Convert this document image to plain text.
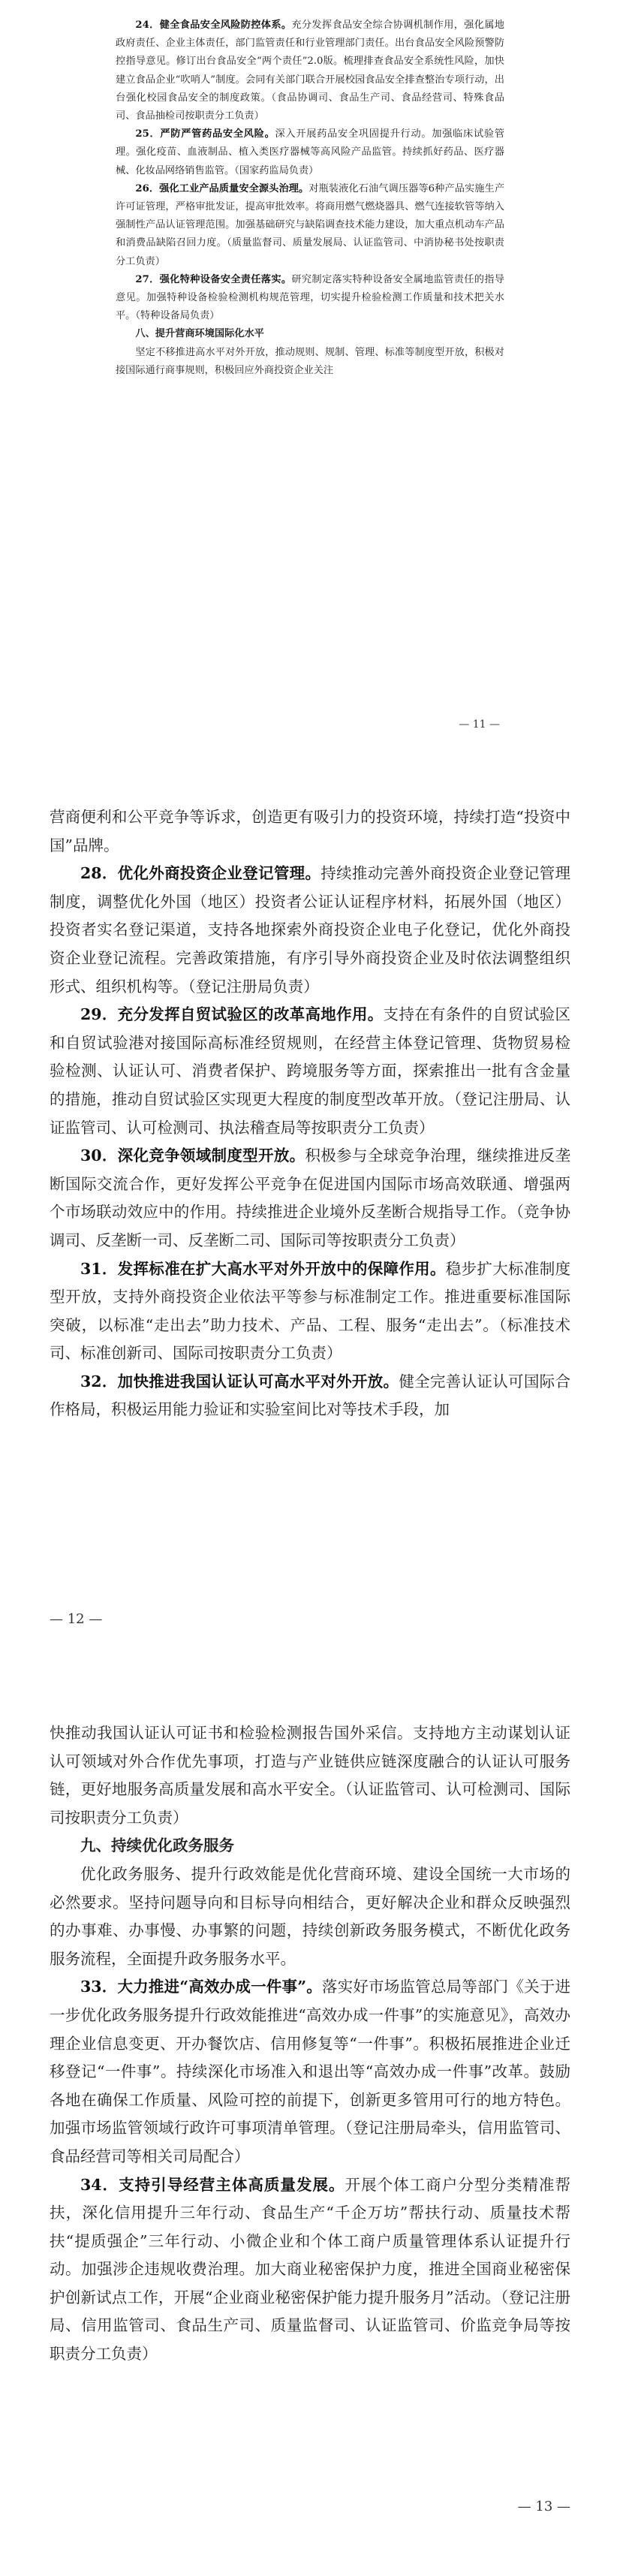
24．健全食品安全风险防控体系。充分发挥食品安全综合协调机制作用，强化属地政府责任、企业主体责任，部门监管责任和行业管理部门责任。出台食品安全风险预警防控指导意见。修订出台食品安全“两个责任”2.0版。梳理排查食品安全系统性风险，加快建立食品企业“吹哨人”制度。会同有关部门联合开展校园食品安全排查整治专项行动，出台强化校园食品安全的制度政策。（食品协调司、食品生产司、食品经营司、特殊食品司、食品抽检司按职责分工负责）

25．严防严管药品安全风险。深入开展药品安全巩固提升行动。加强临床试验管理。强化疫苗、血液制品、植入类医疗器械等高风险产品监管。持续抓好药品、医疗器械、化妆品网络销售监管。（国家药监局负责）

26．强化工业产品质量安全源头治理。对瓶装液化石油气调压器等6种产品实施生产许可证管理，严格审批发证，提高审批效率。将商用燃气燃烧器具、燃气连接软管等纳入强制性产品认证管理范围。加强基础研究与缺陷调查技术能力建设，加大重点机动车产品和消费品缺陷召回力度。（质量监督司、质量发展局、认证监管司、中消协秘书处按职责分工负责）

27．强化特种设备安全责任落实。研究制定落实特种设备安全属地监管责任的指导意见。加强特种设备检验检测机构规范管理，切实提升检验检测工作质量和技术把关水平。（特种设备局负责）

八、提升营商环境国际化水平

坚定不移推进高水平对外开放，推动规则、规制、管理、标准等制度型开放，积极对接国际通行商事规则，积极回应外商投资企业关注

— 11 —

营商便利和公平竞争等诉求，创造更有吸引力的投资环境，持续打造“投资中国”品牌。

28．优化外商投资企业登记管理。持续推动完善外商投资企业登记管理制度，调整优化外国（地区）投资者公证认证程序材料，拓展外国（地区）投资者实名登记渠道，支持各地探索外商投资企业电子化登记，优化外商投资企业登记流程。完善政策措施，有序引导外商投资企业及时依法调整组织形式、组织机构等。（登记注册局负责）

29．充分发挥自贸试验区的改革高地作用。支持在有条件的自贸试验区和自贸试验港对接国际高标准经贸规则，在经营主体登记管理、货物贸易检验检测、认证认可、消费者保护、跨境服务等方面，探索推出一批有含金量的措施，推动自贸试验区实现更大程度的制度型改革开放。（登记注册局、认证监管司、认可检测司、执法稽查局等按职责分工负责）

30．深化竞争领域制度型开放。积极参与全球竞争治理，继续推进反垄断国际交流合作，更好发挥公平竞争在促进国内国际市场高效联通、增强两个市场联动效应中的作用。持续推进企业境外反垄断合规指导工作。（竞争协调司、反垄断一司、反垄断二司、国际司等按职责分工负责）

31．发挥标准在扩大高水平对外开放中的保障作用。稳步扩大标准制度型开放，支持外商投资企业依法平等参与标准制定工作。推进重要标准国际突破，以标准“走出去”助力技术、产品、工程、服务“走出去”。（标准技术司、标准创新司、国际司按职责分工负责）

32．加快推进我国认证认可高水平对外开放。健全完善认证认可国际合作格局，积极运用能力验证和实验室间比对等技术手段，加

— 12 —

快推动我国认证认可证书和检验检测报告国外采信。支持地方主动谋划认证认可领域对外合作优先事项，打造与产业链供应链深度融合的认证认可服务链，更好地服务高质量发展和高水平安全。（认证监管司、认可检测司、国际司按职责分工负责）

九、持续优化政务服务

优化政务服务、提升行政效能是优化营商环境、建设全国统一大市场的必然要求。坚持问题导向和目标导向相结合，更好解决企业和群众反映强烈的办事难、办事慢、办事繁的问题，持续创新政务服务模式，不断优化政务服务流程，全面提升政务服务水平。

33．大力推进“高效办成一件事”。落实好市场监管总局等部门《关于进一步优化政务服务提升行政效能推进“高效办成一件事”的实施意见》，高效办理企业信息变更、开办餐饮店、信用修复等“一件事”。积极拓展推进企业迁移登记“一件事”。持续深化市场准入和退出等“高效办成一件事”改革。鼓励各地在确保工作质量、风险可控的前提下，创新更多管用可行的地方特色。加强市场监管领域行政许可事项清单管理。（登记注册局牵头，信用监管司、食品经营司等相关司局配合）

34．支持引导经营主体高质量发展。开展个体工商户分型分类精准帮扶，深化信用提升三年行动、食品生产“千企万坊”帮扶行动、质量技术帮扶“提质强企”三年行动、小微企业和个体工商户质量管理体系认证提升行动。加强涉企违规收费治理。加大商业秘密保护力度，推进全国商业秘密保护创新试点工作，开展“企业商业秘密保护能力提升服务月”活动。（登记注册局、信用监管司、食品生产司、质量监督司、认证监管司、价监竞争局等按职责分工负责）

— 13 —
